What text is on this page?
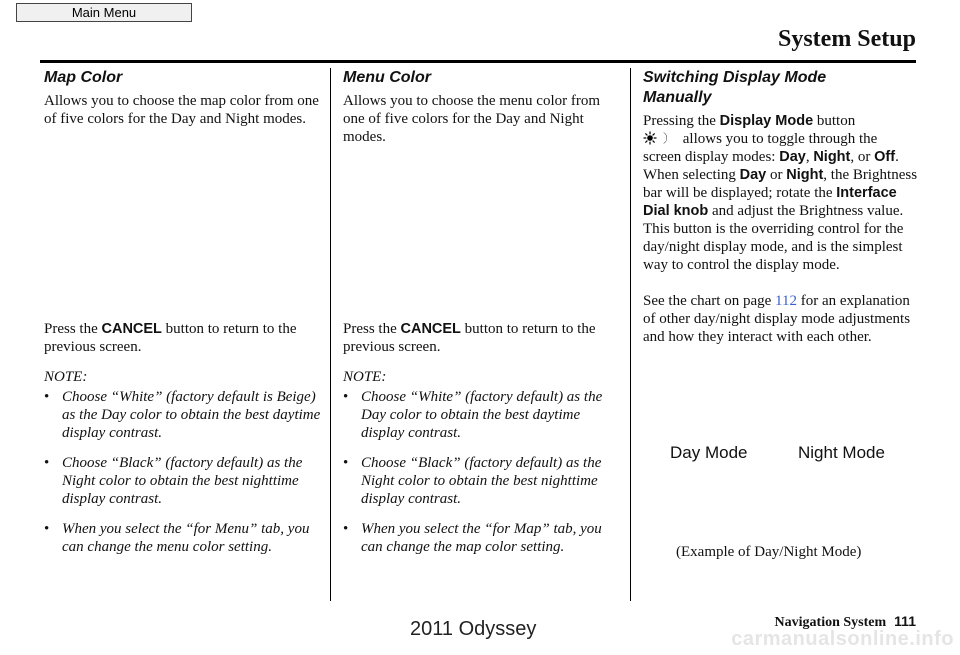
Main Menu
System Setup
Map Color

Allows you to choose the map color from one of five colors for the Day and Night modes.

Press the CANCEL button to return to the previous screen.

NOTE:
• Choose “White” (factory default is Beige) as the Day color to obtain the best daytime display contrast.
• Choose “Black” (factory default) as the Night color to obtain the best nighttime display contrast.
• When you select the “for Menu” tab, you can change the menu color setting.
Menu Color

Allows you to choose the menu color from one of five colors for the Day and Night modes.

Press the CANCEL button to return to the previous screen.

NOTE:
• Choose “White” (factory default) as the Day color to obtain the best daytime display contrast.
• Choose “Black” (factory default) as the Night color to obtain the best nighttime display contrast.
• When you select the “for Map” tab, you can change the map color setting.
Switching Display Mode
Manually

Pressing the Display Mode button
allows you to toggle through the screen display modes: Day, Night, or Off. When selecting Day or Night, the Brightness bar will be displayed; rotate the Interface Dial knob and adjust the Brightness value. This button is the overriding control for the day/night display mode, and is the simplest way to control the display mode.

See the chart on page 112 for an explanation of other day/night display mode adjustments and how they interact with each other.

Day Mode	Night Mode
(Example of Day/Night Mode)
Navigation System 111
2011 Odyssey	carmanualsonline.info
